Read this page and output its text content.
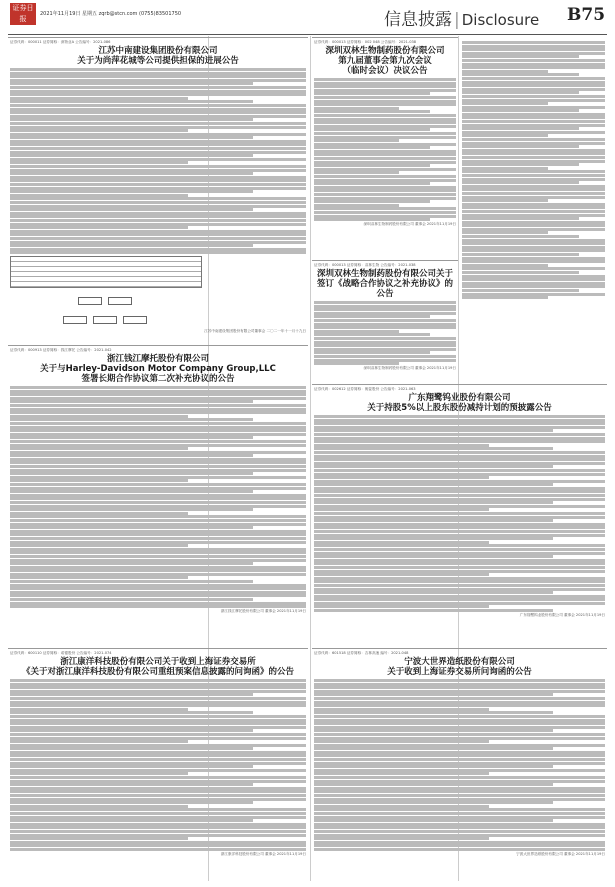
证券日报
2021年11月19日 星期五 zqrb@stcn.com (0755)83501750	信息披露 | Disclosure B75
证券代码：000011 证券简称：深物业A 公告编号：2021-086
江苏中南建设集团股份有限公司
关于为尚萍花城等公司提供担保的进展公告

江苏中南建设集团股份有限公司董事会 二〇二一年十一月十九日
证券代码：000013 证券简称：002 048 公告编号：2021-038
深圳双林生物制药股份有限公司
第九届董事会第九次会议
（临时会议）决议公告
深圳双林生物制药股份有限公司 董事会 2021年11月19日
证券代码：000013 证券简称：双林生物 公告编号：2021-038
深圳双林生物制药股份有限公司关于
签订《战略合作协议之补充协议》的
公告
深圳双林生物制药股份有限公司 董事会 2021年11月19日
证券代码：000913 证券简称：钱江摩托 公告编号：2021-042
浙江钱江摩托股份有限公司
关于与Harley-Davidson Motor Company Group,LLC
签署长期合作协议第二次补充协议的公告
浙江钱江摩托股份有限公司 董事会 2021年11月19日
证券代码：002612 证券简称：朗姿股份 公告编号：2021-063
广东翔鹭钨业股份有限公司
关于持股5%以上股东股份减持计划的预披露公告
广东翔鹭钨业股份有限公司 董事会 2021年11月19日
证券代码：600110 证券简称：诺德股份 公告编号：2021-074
浙江康洋科技股份有限公司关于收到上海证券交易所
《关于对浙江康洋科技股份有限公司重组预案信息披露的问询函》的公告
浙江康洋科技股份有限公司 董事会 2021年11月19日
证券代码：601518 证券简称：吉林高速 编号：2021-048
宁波大世界造纸股份有限公司
关于收到上海证券交易所问询函的公告
宁波大世界造纸股份有限公司 董事会 2021年11月19日
